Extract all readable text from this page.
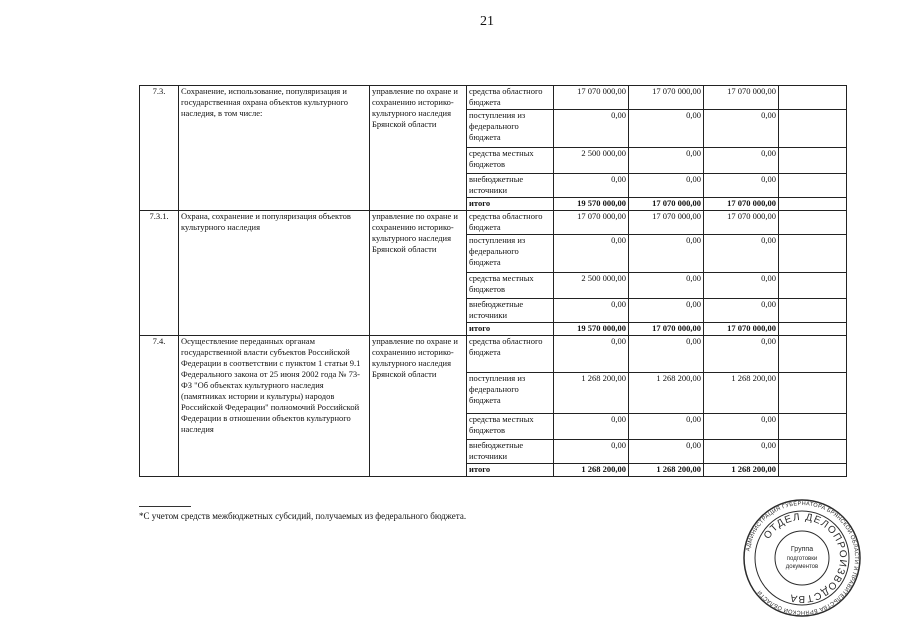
21
7.3.	Сохранение, использование, популяризация и государственная охрана объектов культурного наследия, в том числе:	управление по охране и сохранению историко-культурного наследия Брянской области	средства областного бюджета	17 070 000,00	17 070 000,00	17 070 000,00	
			поступления из федерального бюджета	0,00	0,00	0,00	
			средства местных бюджетов	2 500 000,00	0,00	0,00	
			внебюджетные источники	0,00	0,00	0,00	
			итого	19 570 000,00	17 070 000,00	17 070 000,00	
7.3.1.	Охрана, сохранение и популяризация объектов культурного наследия	управление по охране и сохранению историко-культурного наследия Брянской области	средства областного бюджета	17 070 000,00	17 070 000,00	17 070 000,00	
			поступления из федерального бюджета	0,00	0,00	0,00	
			средства местных бюджетов	2 500 000,00	0,00	0,00	
			внебюджетные источники	0,00	0,00	0,00	
			итого	19 570 000,00	17 070 000,00	17 070 000,00	
7.4.	Осуществление переданных органам государственной власти субъектов Российской Федерации в соответствии с пунктом 1 статьи 9.1 Федерального закона от 25 июня 2002 года № 73-ФЗ "Об объектах культурного наследия (памятниках истории и культуры) народов Российской Федерации" полномочий Российской Федерации в отношении объектов культурного наследия	управление по охране и сохранению историко-культурного наследия Брянской области	средства областного бюджета	0,00	0,00	0,00	
			поступления из федерального бюджета	1 268 200,00	1 268 200,00	1 268 200,00	
			средства местных бюджетов	0,00	0,00	0,00	
			внебюджетные источники	0,00	0,00	0,00	
			итого	1 268 200,00	1 268 200,00	1 268 200,00	
*С учетом средств межбюджетных субсидий, получаемых из федерального бюджета.
АДМИНИСТРАЦИЯ ГУБЕРНАТОРА БРЯНСКОЙ ОБЛАСТИ И ПРАВИТЕЛЬСТВА БРЯНСКОЙ ОБЛАСТИ
ОТДЕЛ ДЕЛОПРОИЗВОДСТВА
Группа
подготовки
документов
